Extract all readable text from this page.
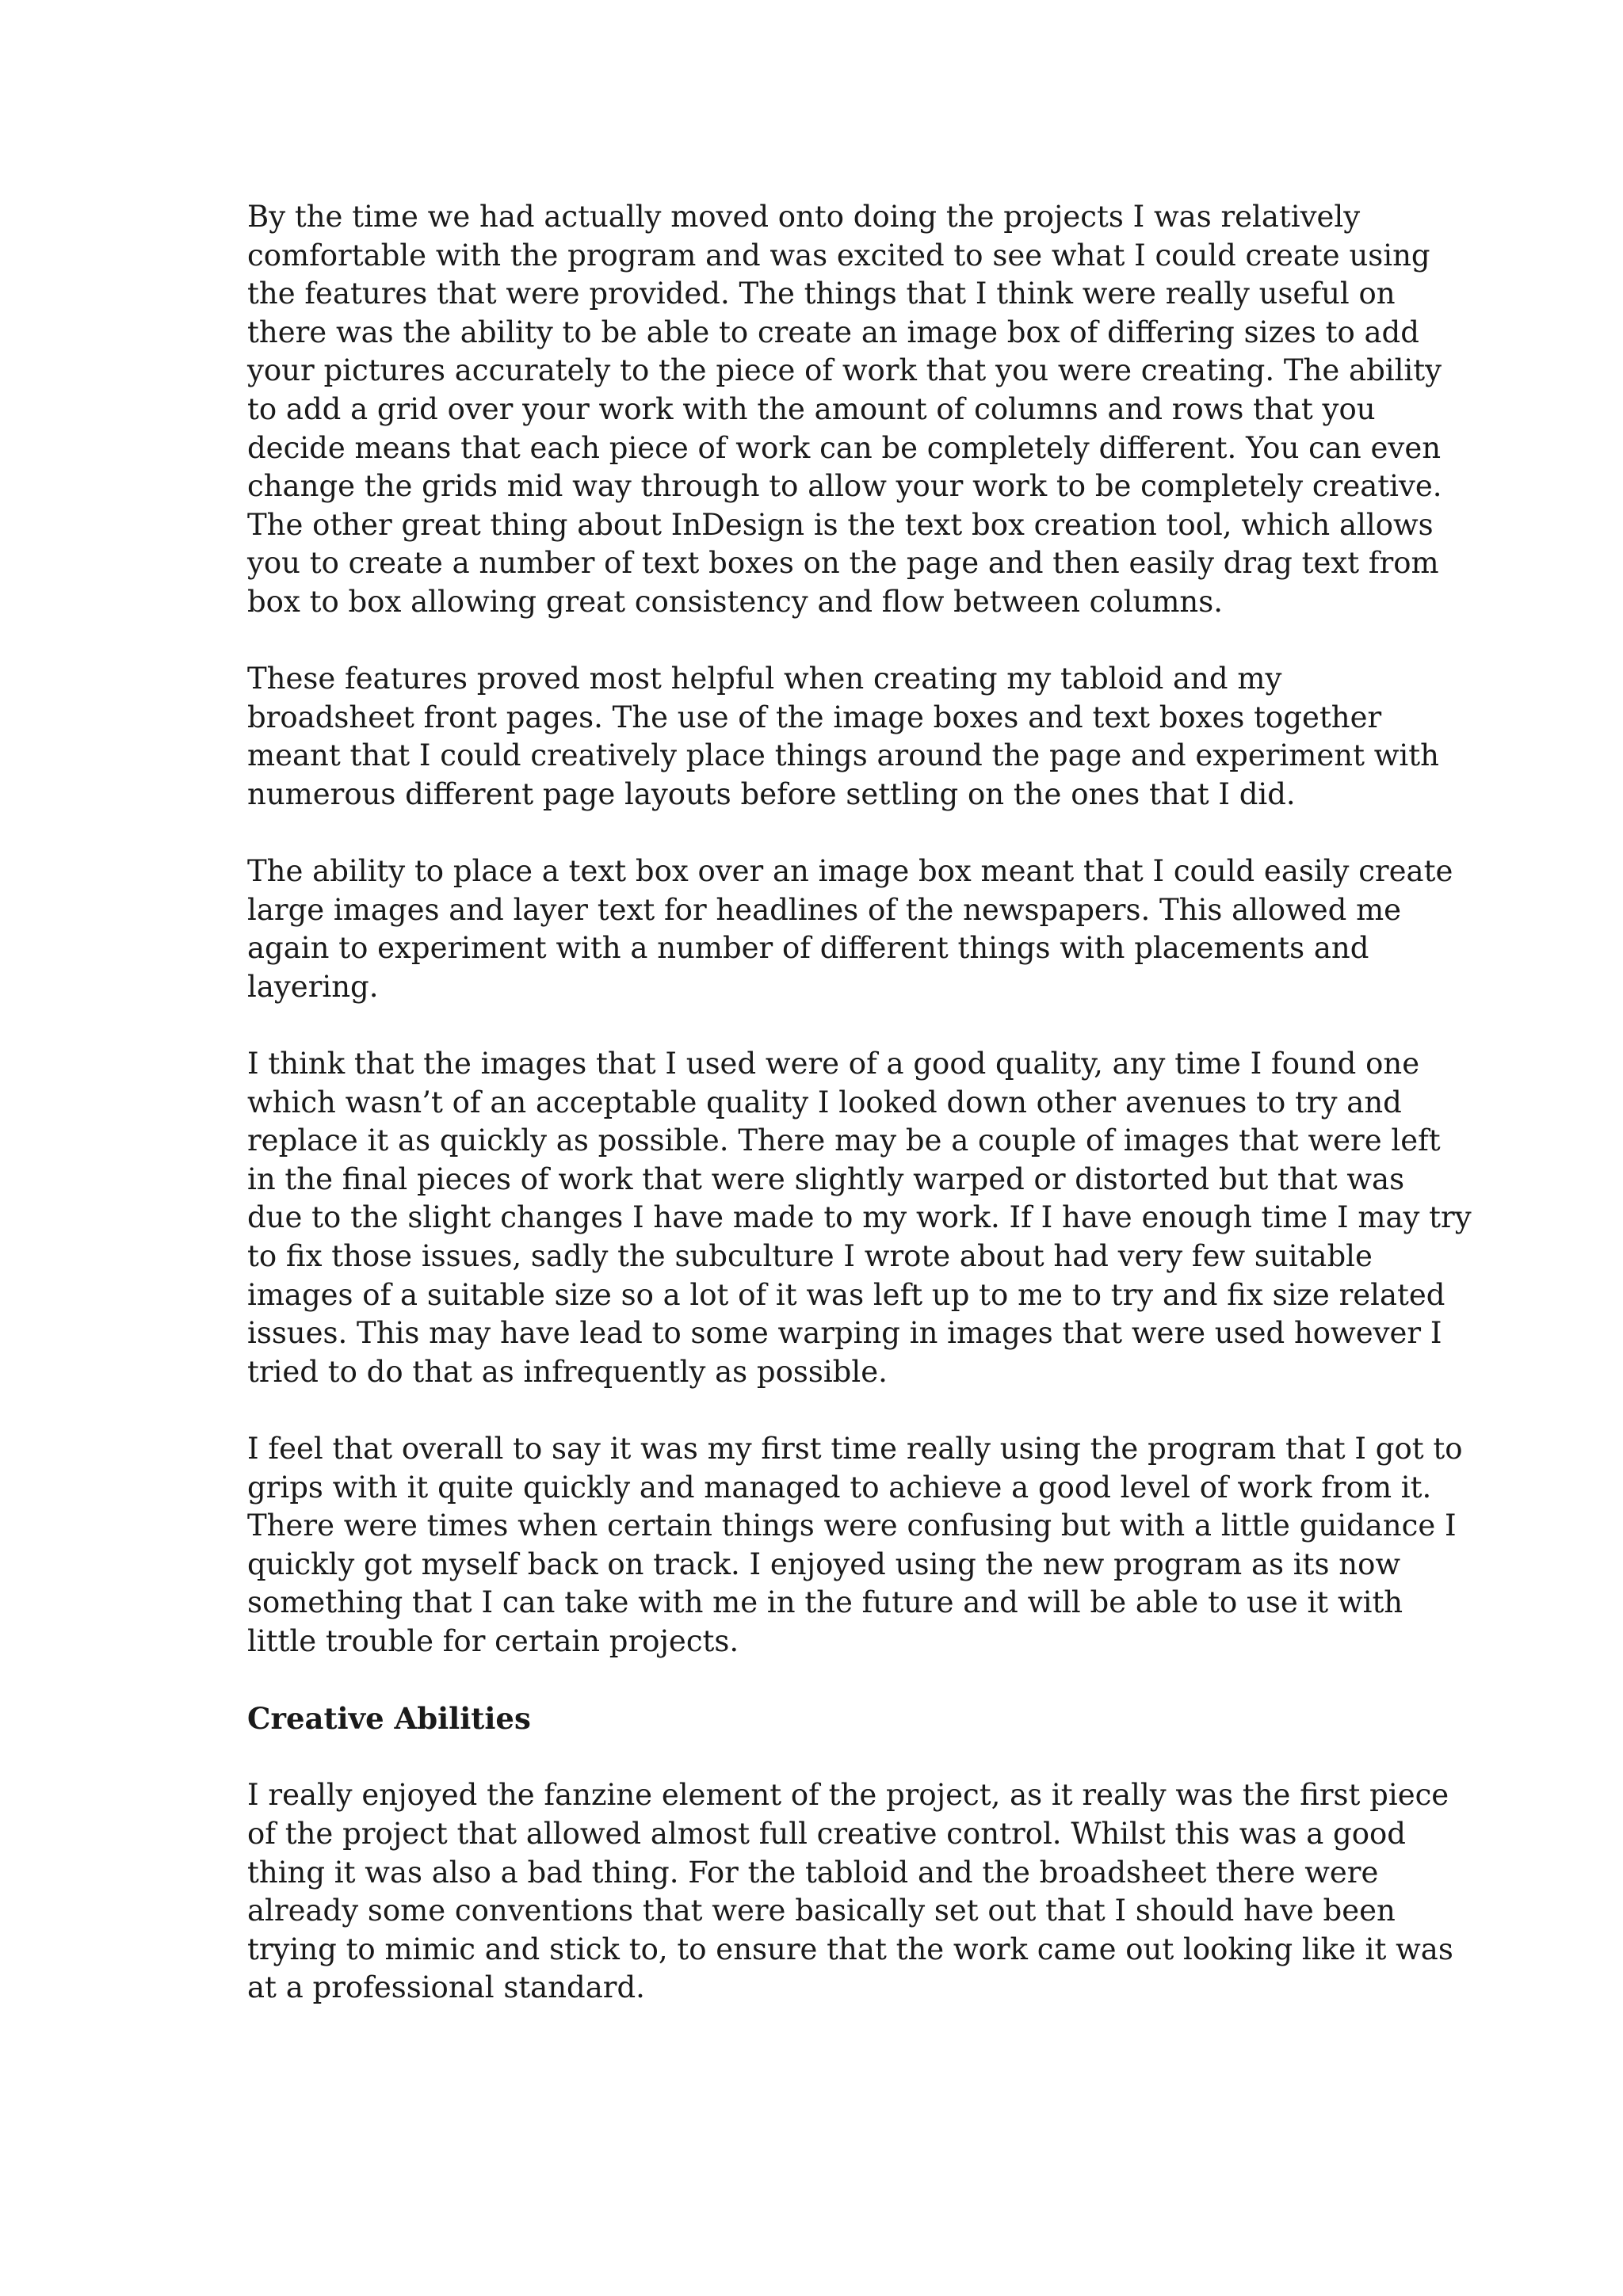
By the time we had actually moved onto doing the projects I was relatively
comfortable with the program and was excited to see what I could create using
the features that were provided. The things that I think were really useful on
there was the ability to be able to create an image box of differing sizes to add
your pictures accurately to the piece of work that you were creating. The ability
to add a grid over your work with the amount of columns and rows that you
decide means that each piece of work can be completely different. You can even
change the grids mid way through to allow your work to be completely creative.
The other great thing about InDesign is the text box creation tool, which allows
you to create a number of text boxes on the page and then easily drag text from
box to box allowing great consistency and flow between columns.

These features proved most helpful when creating my tabloid and my
broadsheet front pages. The use of the image boxes and text boxes together
meant that I could creatively place things around the page and experiment with
numerous different page layouts before settling on the ones that I did.

The ability to place a text box over an image box meant that I could easily create
large images and layer text for headlines of the newspapers. This allowed me
again to experiment with a number of different things with placements and
layering.

I think that the images that I used were of a good quality, any time I found one
which wasn’t of an acceptable quality I looked down other avenues to try and
replace it as quickly as possible. There may be a couple of images that were left
in the final pieces of work that were slightly warped or distorted but that was
due to the slight changes I have made to my work. If I have enough time I may try
to fix those issues, sadly the subculture I wrote about had very few suitable
images of a suitable size so a lot of it was left up to me to try and fix size related
issues. This may have lead to some warping in images that were used however I
tried to do that as infrequently as possible.

I feel that overall to say it was my first time really using the program that I got to
grips with it quite quickly and managed to achieve a good level of work from it.
There were times when certain things were confusing but with a little guidance I
quickly got myself back on track. I enjoyed using the new program as its now
something that I can take with me in the future and will be able to use it with
little trouble for certain projects.

Creative Abilities

I really enjoyed the fanzine element of the project, as it really was the first piece
of the project that allowed almost full creative control. Whilst this was a good
thing it was also a bad thing. For the tabloid and the broadsheet there were
already some conventions that were basically set out that I should have been
trying to mimic and stick to, to ensure that the work came out looking like it was
at a professional standard.
